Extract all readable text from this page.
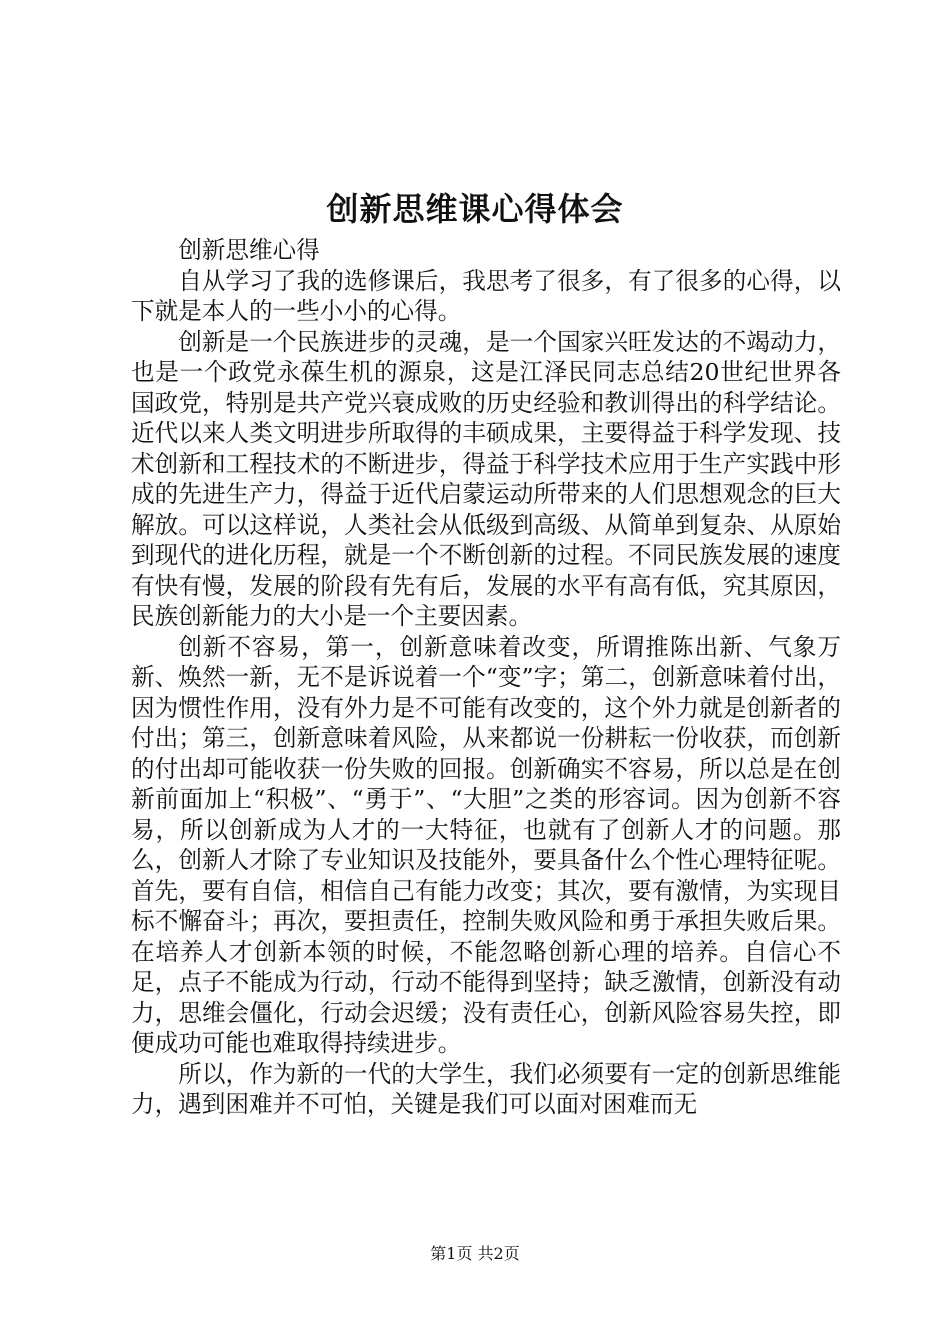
创新思维课心得体会

创新思维心得

自从学习了我的选修课后，我思考了很多，有了很多的心得，以下就是本人的一些小小的心得。

创新是一个民族进步的灵魂，是一个国家兴旺发达的不竭动力，也是一个政党永葆生机的源泉，这是江泽民同志总结20世纪世界各国政党，特别是共产党兴衰成败的历史经验和教训得出的科学结论。近代以来人类文明进步所取得的丰硕成果，主要得益于科学发现、技术创新和工程技术的不断进步，得益于科学技术应用于生产实践中形成的先进生产力，得益于近代启蒙运动所带来的人们思想观念的巨大解放。可以这样说，人类社会从低级到高级、从简单到复杂、从原始到现代的进化历程，就是一个不断创新的过程。不同民族发展的速度有快有慢，发展的阶段有先有后，发展的水平有高有低，究其原因，民族创新能力的大小是一个主要因素。

创新不容易，第一，创新意味着改变，所谓推陈出新、气象万新、焕然一新，无不是诉说着一个“变”字；第二，创新意味着付出，因为惯性作用，没有外力是不可能有改变的，这个外力就是创新者的付出；第三，创新意味着风险，从来都说一份耕耘一份收获，而创新的付出却可能收获一份失败的回报。创新确实不容易，所以总是在创新前面加上“积极”、“勇于”、“大胆”之类的形容词。因为创新不容易，所以创新成为人才的一大特征，也就有了创新人才的问题。那么，创新人才除了专业知识及技能外，要具备什么个性心理特征呢。首先，要有自信，相信自己有能力改变；其次，要有激情，为实现目标不懈奋斗；再次，要担责任，控制失败风险和勇于承担失败后果。在培养人才创新本领的时候，不能忽略创新心理的培养。自信心不足，点子不能成为行动，行动不能得到坚持；缺乏激情，创新没有动力，思维会僵化，行动会迟缓；没有责任心，创新风险容易失控，即便成功可能也难取得持续进步。

所以，作为新的一代的大学生，我们必须要有一定的创新思维能力，遇到困难并不可怕，关键是我们可以面对困难而无

第1页 共2页
